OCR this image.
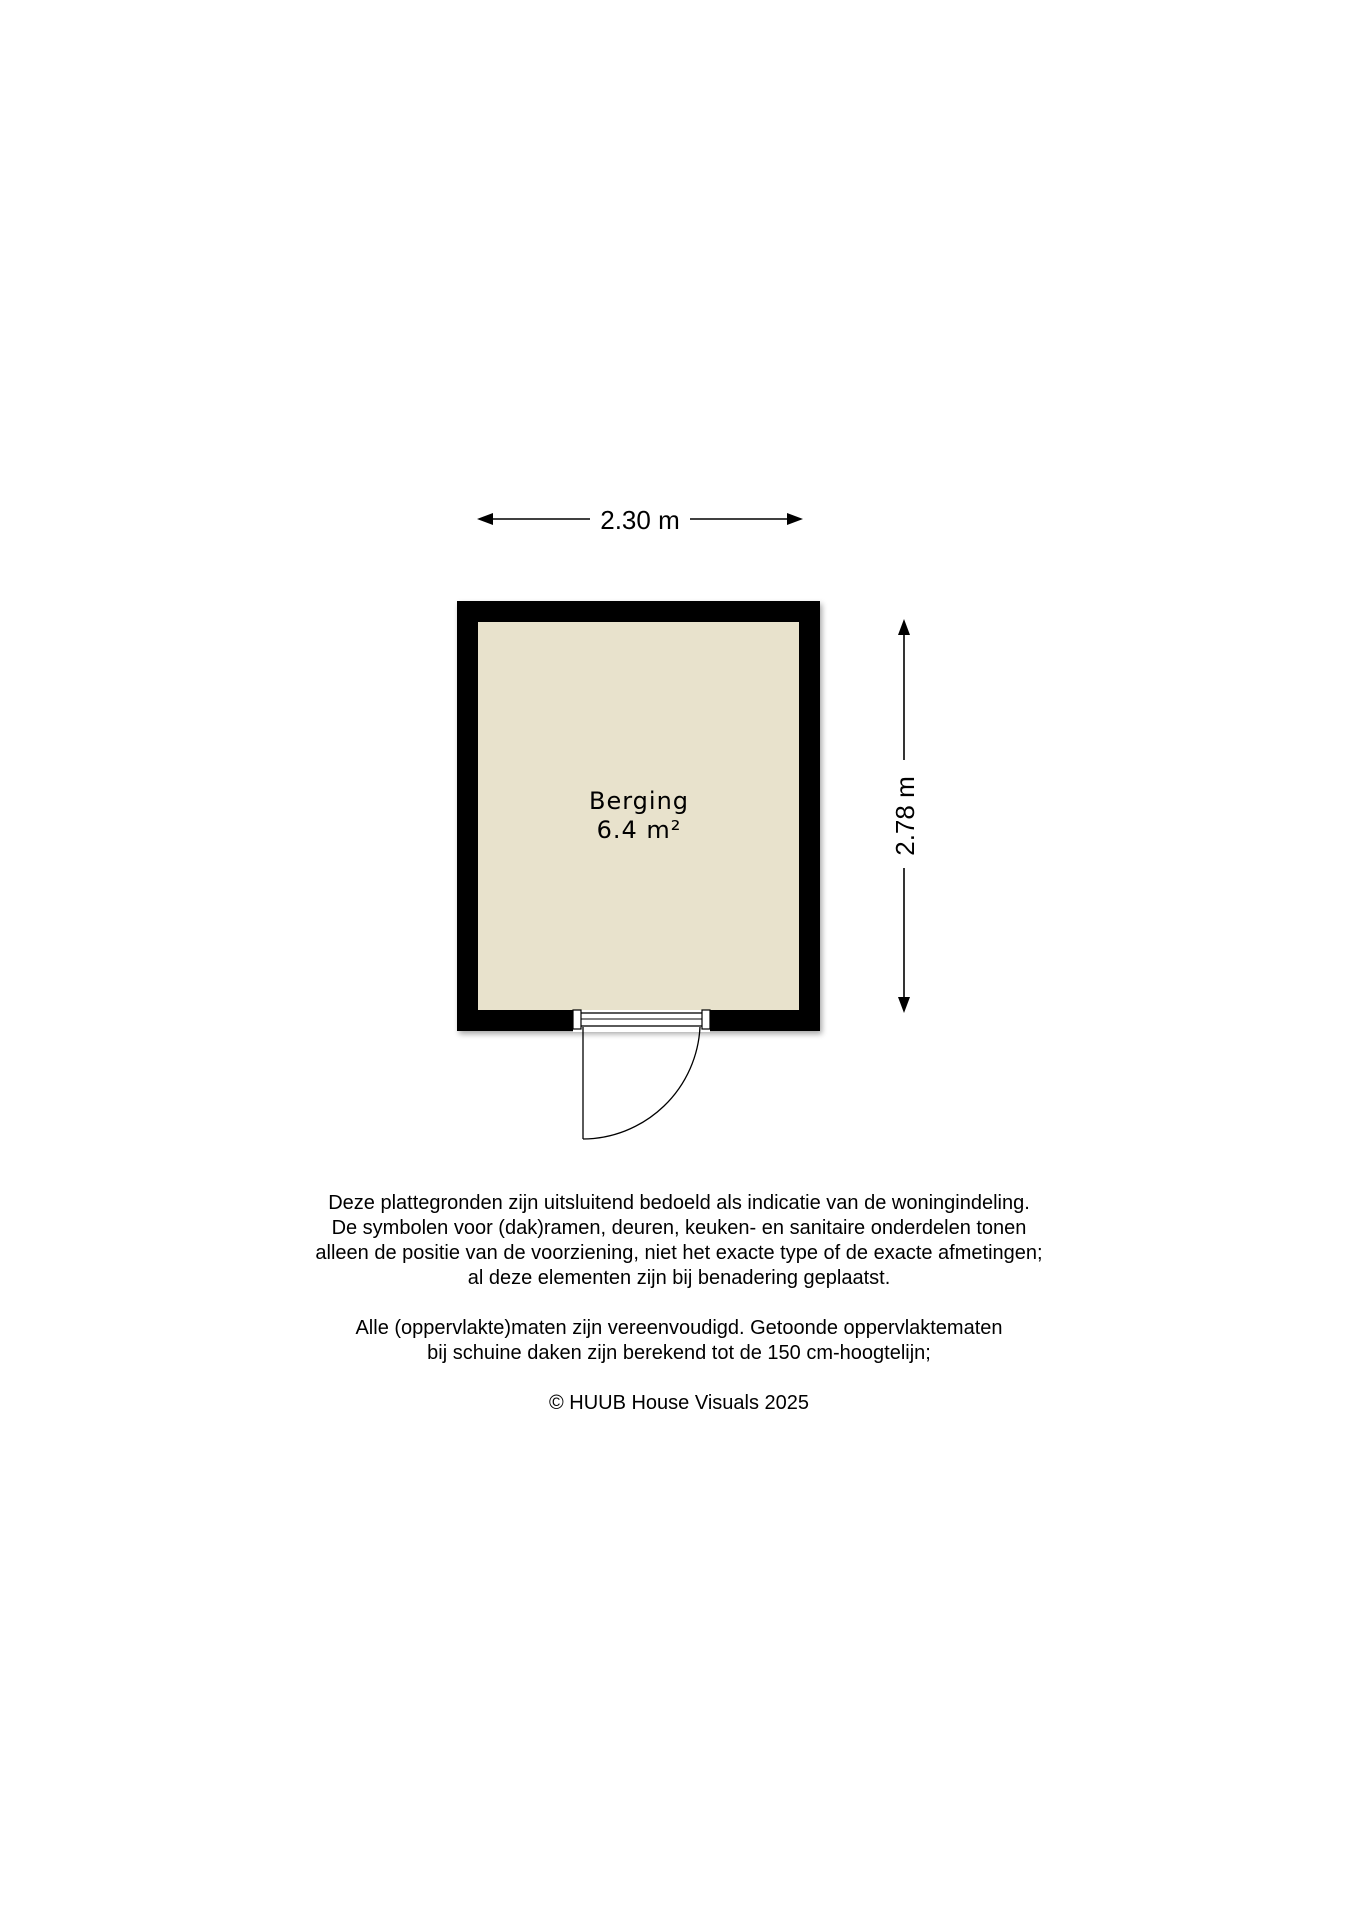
2.30 m
2.78 m
Berging
6.4 m²
Deze plattegronden zijn uitsluitend bedoeld als indicatie van de woningindeling.
De symbolen voor (dak)ramen, deuren, keuken- en sanitaire onderdelen tonen
alleen de positie van de voorziening, niet het exacte type of de exacte afmetingen;
al deze elementen zijn bij benadering geplaatst.
Alle (oppervlakte)maten zijn vereenvoudigd. Getoonde oppervlaktematen
bij schuine daken zijn berekend tot de 150 cm-hoogtelijn;
© HUUB House Visuals 2025
